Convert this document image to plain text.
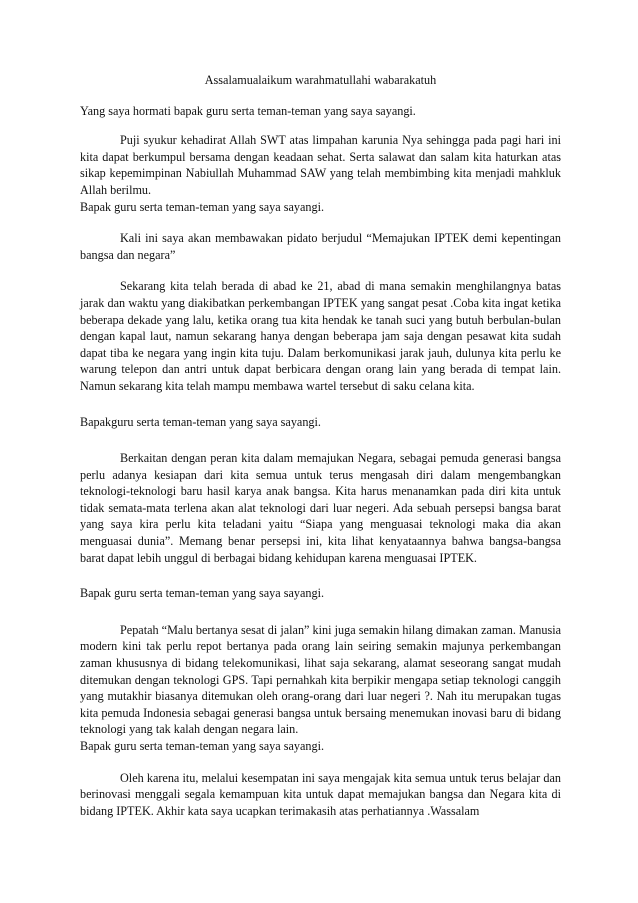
Assalamualaikum warahmatullahi wabarakatuh

Yang saya hormati bapak guru serta teman-teman yang saya sayangi.

Puji syukur kehadirat Allah SWT atas limpahan karunia Nya sehingga pada pagi hari ini kita dapat berkumpul bersama dengan keadaan sehat. Serta salawat dan salam kita haturkan atas sikap kepemimpinan Nabiullah Muhammad SAW yang telah membimbing kita menjadi mahkluk Allah berilmu.

Bapak guru serta teman-teman yang saya sayangi.

Kali ini saya akan membawakan pidato berjudul “Memajukan IPTEK demi kepentingan bangsa dan negara”

Sekarang kita telah berada di abad ke 21, abad di mana semakin menghilangnya batas jarak dan waktu yang diakibatkan perkembangan IPTEK yang sangat pesat .Coba kita ingat ketika beberapa dekade yang lalu, ketika orang tua kita hendak ke tanah suci yang butuh berbulan-bulan dengan kapal laut, namun sekarang hanya dengan beberapa jam saja dengan pesawat kita sudah dapat tiba ke negara yang ingin kita tuju. Dalam berkomunikasi jarak jauh, dulunya kita perlu ke warung telepon dan antri untuk dapat berbicara dengan orang lain yang berada di tempat lain. Namun sekarang kita telah mampu membawa wartel tersebut di saku celana kita.

Bapakguru serta teman-teman yang saya sayangi.

Berkaitan dengan peran kita dalam memajukan Negara, sebagai pemuda generasi bangsa perlu adanya kesiapan dari kita semua untuk terus mengasah diri dalam mengembangkan teknologi-teknologi baru hasil karya anak bangsa. Kita harus menanamkan pada diri kita untuk tidak semata-mata terlena akan alat teknologi dari luar negeri. Ada sebuah persepsi bangsa barat yang saya kira perlu kita teladani yaitu “Siapa yang menguasai teknologi maka dia akan menguasai dunia”. Memang benar persepsi ini, kita lihat kenyataannya bahwa bangsa-bangsa barat dapat lebih unggul di berbagai bidang kehidupan karena menguasai IPTEK.

Bapak guru serta teman-teman yang saya sayangi.

Pepatah “Malu bertanya sesat di jalan” kini juga semakin hilang dimakan zaman. Manusia modern kini tak perlu repot bertanya pada orang lain seiring semakin majunya perkembangan zaman khususnya di bidang telekomunikasi, lihat saja sekarang, alamat seseorang sangat mudah ditemukan dengan teknologi GPS. Tapi pernahkah kita berpikir mengapa setiap teknologi canggih yang mutakhir biasanya ditemukan oleh orang-orang dari luar negeri ?. Nah itu merupakan tugas kita pemuda Indonesia sebagai generasi bangsa untuk bersaing menemukan inovasi baru di bidang teknologi yang tak kalah dengan negara lain.

Bapak guru serta teman-teman yang saya sayangi.

Oleh karena itu, melalui kesempatan ini saya mengajak kita semua untuk terus belajar dan berinovasi menggali segala kemampuan kita untuk dapat memajukan bangsa dan Negara kita di bidang IPTEK. Akhir kata saya ucapkan terimakasih atas perhatiannya .Wassalam
